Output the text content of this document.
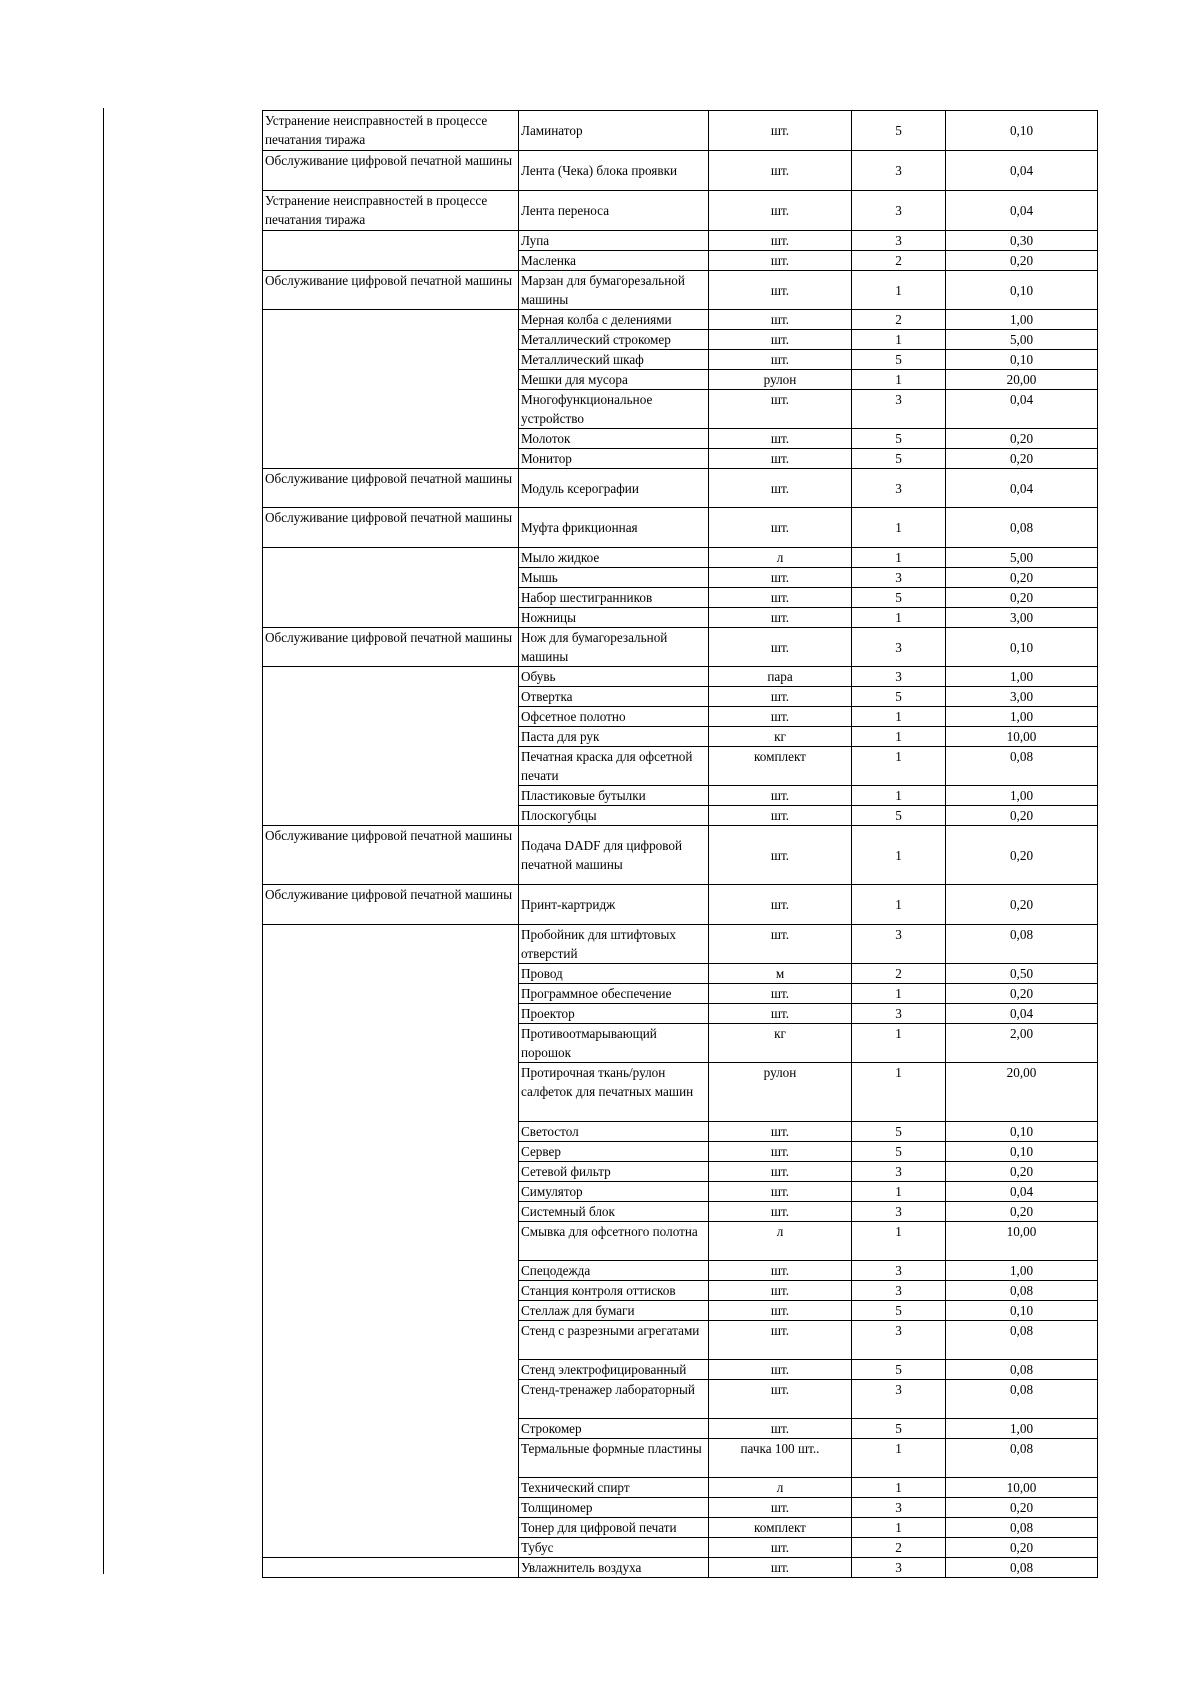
Устранение неисправностей в процессе печатания тиража	Ламинатор	шт.	5	0,10
Обслуживание цифровой печатной машины	Лента (Чека) блока проявки	шт.	3	0,04
Устранение неисправностей в процессе печатания тиража	Лента переноса	шт.	3	0,04
	Лупа	шт.	3	0,30
	Масленка	шт.	2	0,20
Обслуживание цифровой печатной машины	Марзан для бумагорезальной машины	шт.	1	0,10
	Мерная колба с делениями	шт.	2	1,00
	Металлический строкомер	шт.	1	5,00
	Металлический шкаф	шт.	5	0,10
	Мешки для мусора	рулон	1	20,00
	Многофункциональное устройство	шт.	3	0,04
	Молоток	шт.	5	0,20
	Монитор	шт.	5	0,20
Обслуживание цифровой печатной машины	Модуль ксерографии	шт.	3	0,04
Обслуживание цифровой печатной машины	Муфта фрикционная	шт.	1	0,08
	Мыло жидкое	л	1	5,00
	Мышь	шт.	3	0,20
	Набор шестигранников	шт.	5	0,20
	Ножницы	шт.	1	3,00
Обслуживание цифровой печатной машины	Нож для бумагорезальной машины	шт.	3	0,10
	Обувь	пара	3	1,00
	Отвертка	шт.	5	3,00
	Офсетное полотно	шт.	1	1,00
	Паста для рук	кг	1	10,00
	Печатная краска для офсетной печати	комплект	1	0,08
	Пластиковые бутылки	шт.	1	1,00
	Плоскогубцы	шт.	5	0,20
Обслуживание цифровой печатной машины	Подача DADF для цифровой печатной машины	шт.	1	0,20
Обслуживание цифровой печатной машины	Принт-картридж	шт.	1	0,20
	Пробойник для штифтовых отверстий	шт.	3	0,08
	Провод	м	2	0,50
	Программное обеспечение	шт.	1	0,20
	Проектор	шт.	3	0,04
	Противоотмарывающий порошок	кг	1	2,00
	Протирочная ткань/рулон салфеток для печатных машин	рулон	1	20,00
	Светостол	шт.	5	0,10
	Сервер	шт.	5	0,10
	Сетевой фильтр	шт.	3	0,20
	Симулятор	шт.	1	0,04
	Системный блок	шт.	3	0,20
	Смывка для офсетного полотна	л	1	10,00
	Спецодежда	шт.	3	1,00
	Станция контроля оттисков	шт.	3	0,08
	Стеллаж для бумаги	шт.	5	0,10
	Стенд с разрезными агрегатами	шт.	3	0,08
	Стенд электрофицированный	шт.	5	0,08
	Стенд-тренажер лабораторный	шт.	3	0,08
	Строкомер	шт.	5	1,00
	Термальные формные пластины	пачка 100 шт..	1	0,08
	Технический спирт	л	1	10,00
	Толщиномер	шт.	3	0,20
	Тонер для цифровой печати	комплект	1	0,08
	Тубус	шт.	2	0,20
	Увлажнитель воздуха	шт.	3	0,08
